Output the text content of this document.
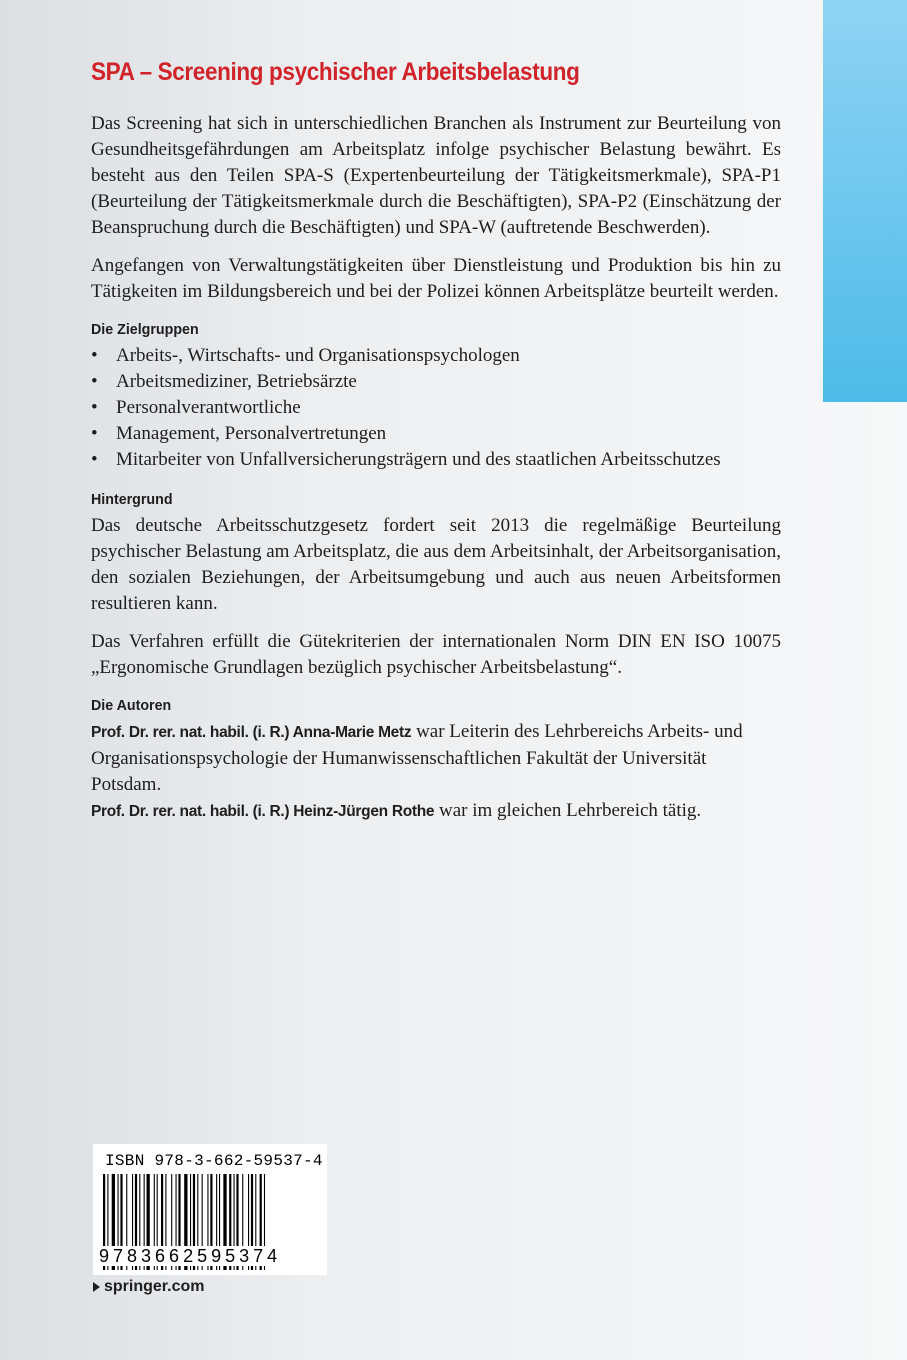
SPA – Screening psychischer Arbeitsbelastung

Das Screening hat sich in unterschiedlichen Branchen als Instrument zur Beurteilung von Gesundheitsgefährdungen am Arbeitsplatz infolge psychischer Belastung bewährt. Es besteht aus den Teilen SPA-S (Expertenbeurteilung der Tätigkeitsmerkmale), SPA-P1 (Beurteilung der Tätigkeitsmerkmale durch die Beschäftigten), SPA-P2 (Einschätzung der Beanspruchung durch die Beschäftigten) und SPA-W (auftretende Beschwerden).

Angefangen von Verwaltungstätigkeiten über Dienstleistung und Produktion bis hin zu Tätigkeiten im Bildungsbereich und bei der Polizei können Arbeitsplätze beurteilt werden.

Die Zielgruppen
• Arbeits-, Wirtschafts- und Organisationspsychologen
• Arbeitsmediziner, Betriebsärzte
• Personalverantwortliche
• Management, Personalvertretungen
• Mitarbeiter von Unfallversicherungsträgern und des staatlichen Arbeitsschutzes
Hintergrund

Das deutsche Arbeitsschutzgesetz fordert seit 2013 die regelmäßige Beurteilung psychischer Belastung am Arbeitsplatz, die aus dem Arbeitsinhalt, der Arbeitsorganisation, den sozialen Beziehungen, der Arbeitsumgebung und auch aus neuen Arbeitsformen resultieren kann.

Das Verfahren erfüllt die Gütekriterien der internationalen Norm DIN EN ISO 10075 „Ergonomische Grundlagen bezüglich psychischer Arbeitsbelastung“.

Die Autoren

Prof. Dr. rer. nat. habil. (i. R.) Anna-Marie Metz war Leiterin des Lehrbereichs Arbeits- und Organisationspsychologie der Humanwissenschaftlichen Fakultät der Universität Potsdam.

Prof. Dr. rer. nat. habil. (i. R.) Heinz-Jürgen Rothe war im gleichen Lehrbereich tätig.

ISBN 978-3-662-59537-4
9783662595374
springer.com
